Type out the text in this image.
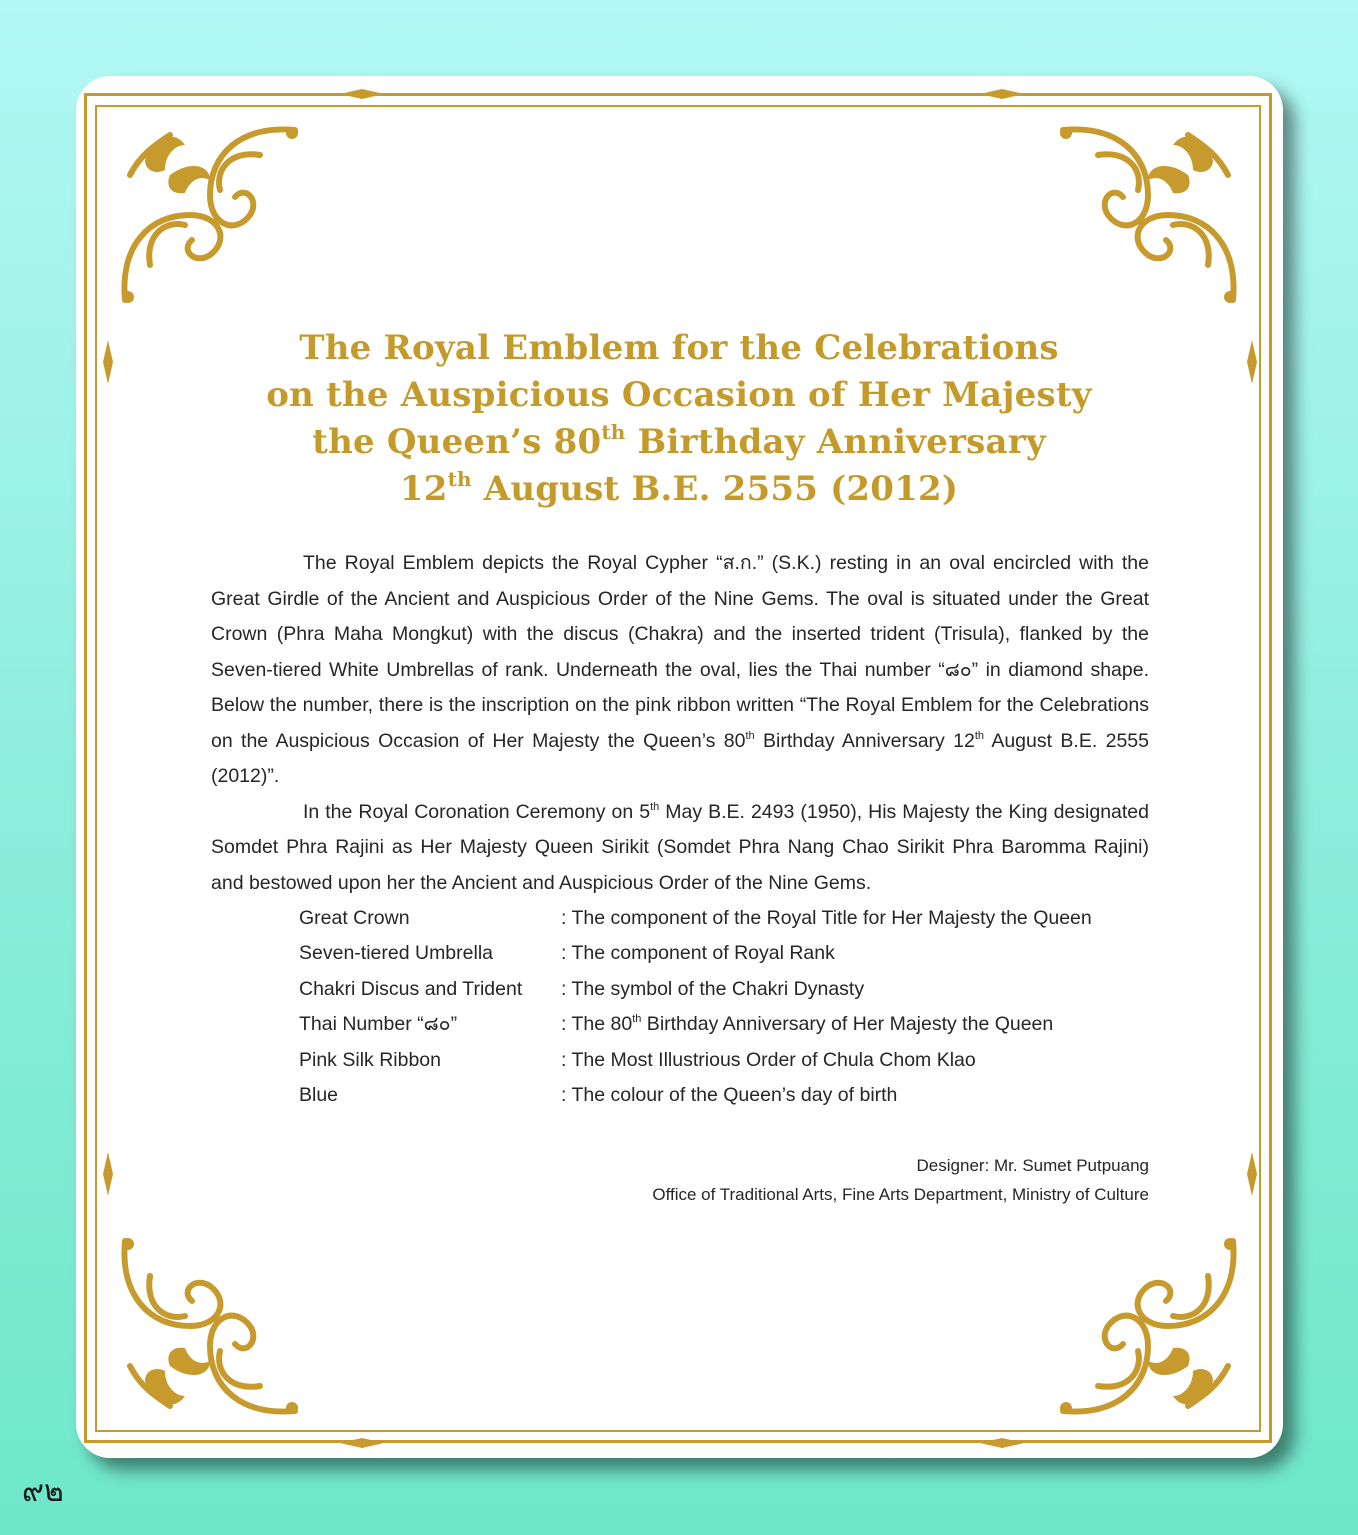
The Royal Emblem for the Celebrations
on the Auspicious Occasion of Her Majesty
the Queen’s 80th Birthday Anniversary
12th August B.E. 2555 (2012)

The Royal Emblem depicts the Royal Cypher “ส.ก.” (S.K.) resting in an oval encircled with the Great Girdle of the Ancient and Auspicious Order of the Nine Gems. The oval is situated under the Great Crown (Phra Maha Mongkut) with the discus (Chakra) and the inserted trident (Trisula), flanked by the Seven-tiered White Umbrellas of rank. Underneath the oval, lies the Thai number “๘๐” in diamond shape. Below the number, there is the inscription on the pink ribbon written “The Royal Emblem for the Celebrations on the Auspicious Occasion of Her Majesty the Queen’s 80th Birthday Anniversary 12th August B.E. 2555 (2012)”.

In the Royal Coronation Ceremony on 5th May B.E. 2493 (1950), His Majesty the King designated Somdet Phra Rajini as Her Majesty Queen Sirikit (Somdet Phra Nang Chao Sirikit Phra Baromma Rajini) and bestowed upon her the Ancient and Auspicious Order of the Nine Gems.

Great Crown	: The component of the Royal Title for Her Majesty the Queen
Seven-tiered Umbrella	: The component of Royal Rank
Chakri Discus and Trident	: The symbol of the Chakri Dynasty
Thai Number “๘๐”	: The 80th Birthday Anniversary of Her Majesty the Queen
Pink Silk Ribbon	: The Most Illustrious Order of Chula Chom Klao
Blue	: The colour of the Queen’s day of birth
Designer: Mr. Sumet Putpuang
Office of Traditional Arts, Fine Arts Department, Ministry of Culture
๙๒
